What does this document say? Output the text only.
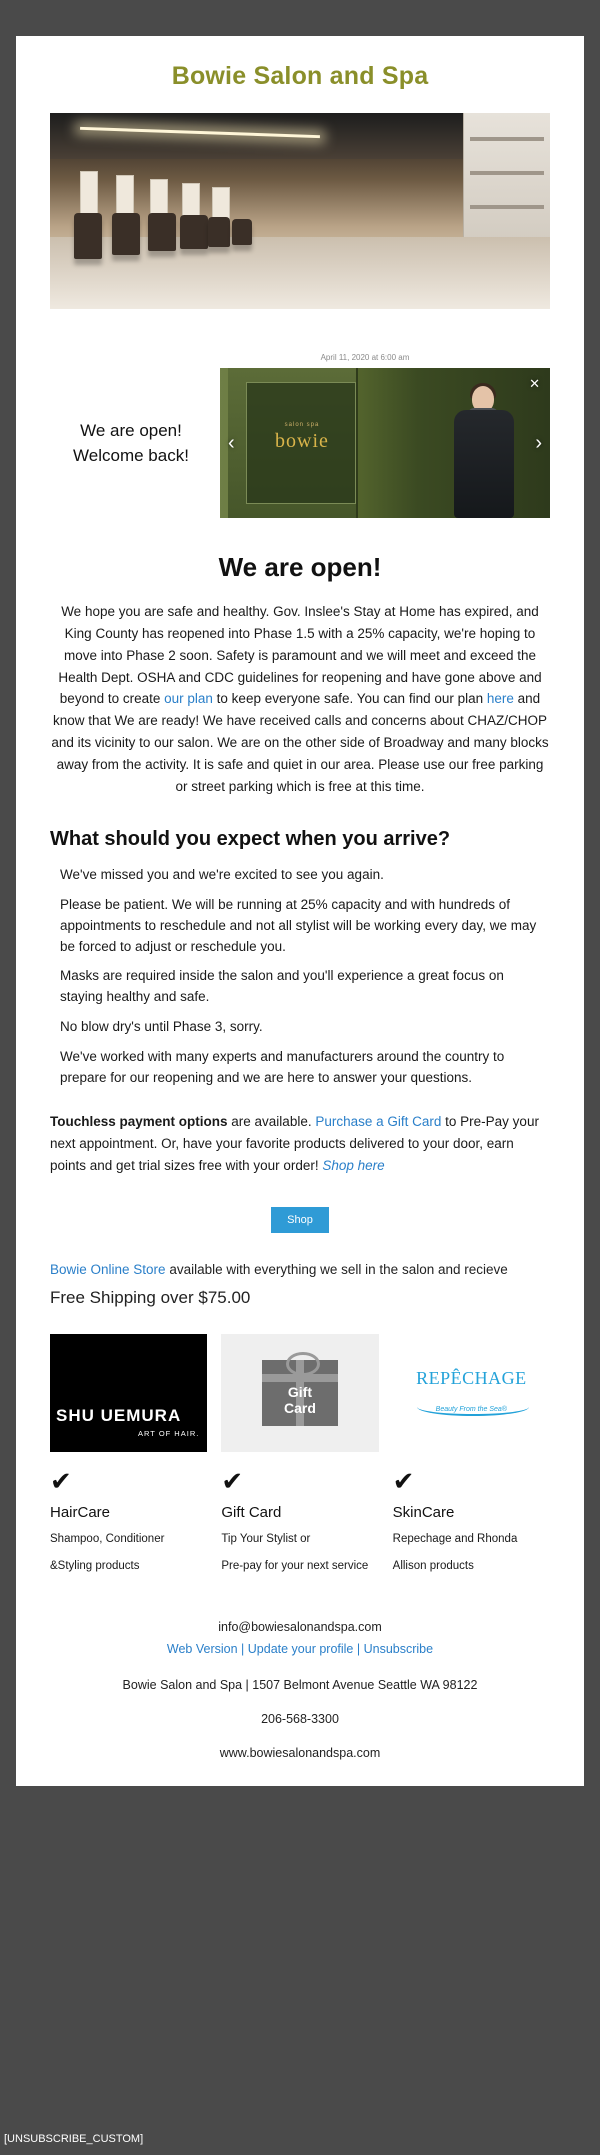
Bowie Salon and Spa
April 11, 2020 at 6:00 am
We are open!
Welcome back!
salon spa
bowie
‹	›
✕
We are open!

We hope you are safe and healthy. Gov. Inslee's Stay at Home has expired, and King County has reopened into Phase 1.5 with a 25% capacity, we're hoping to move into Phase 2 soon. Safety is paramount and we will meet and exceed the Health Dept. OSHA and CDC guidelines for reopening and have gone above and beyond to create our plan to keep everyone safe. You can find our plan here and know that We are ready! We have received calls and concerns about CHAZ/CHOP and its vicinity to our salon. We are on the other side of Broadway and many blocks away from the activity. It is safe and quiet in our area. Please use our free parking or street parking which is free at this time.

What should you expect when you arrive?
We've missed you and we're excited to see you again.
Please be patient. We will be running at 25% capacity and with hundreds of appointments to reschedule and not all stylist will be working every day, we may be forced to adjust or reschedule you.
Masks are required inside the salon and you'll experience a great focus on staying healthy and safe.
No blow dry's until Phase 3, sorry.
We've worked with many experts and manufacturers around the country to prepare for our reopening and we are here to answer your questions.

Touchless payment options are available. Purchase a Gift Card to Pre-Pay your next appointment. Or, have your favorite products delivered to your door, earn points and get trial sizes free with your order! Shop here

Shop

Bowie Online Store available with everything we sell in the salon and recieve

Free Shipping over $75.00
SHU UEMURA
ART OF HAIR.
✔
HairCare
Shampoo, Conditioner
&Styling products
Gift
Card
✔
Gift Card
Tip Your Stylist or
Pre-pay for your next service
REPÊCHAGE
Beauty From the Sea®
✔
SkinCare
Repechage and Rhonda
Allison products
info@bowiesalonandspa.com
Web Version | Update your profile | Unsubscribe
Bowie Salon and Spa | 1507 Belmont Avenue Seattle WA 98122
206-568-3300
www.bowiesalonandspa.com
[UNSUBSCRIBE_CUSTOM]
